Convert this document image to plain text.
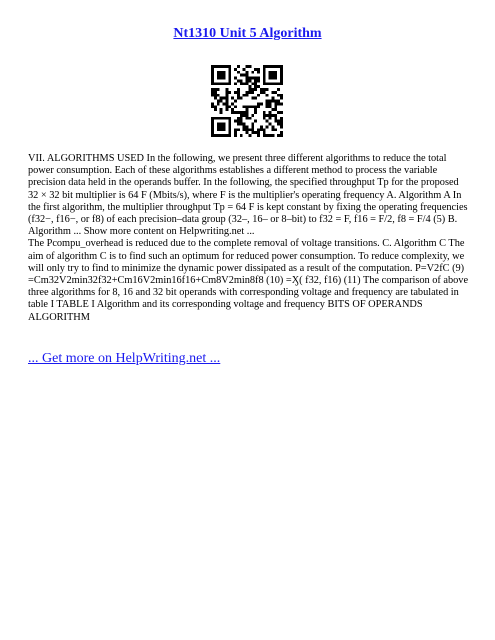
Nt1310 Unit 5 Algorithm

VII. ALGORITHMS USED In the following, we present three different algorithms to reduce the total power consumption. Each of these algorithms establishes a different method to process the variable precision data held in the operands buffer. In the following, the specified throughput Tp for the proposed 32 × 32 bit multiplier is 64 F (Mbits/s), where F is the multiplier's operating frequency A. Algorithm A In the first algorithm, the multiplier throughput Tp = 64 F is kept constant by fixing the operating frequencies (f32−, f16−, or f8) of each precision–data group (32–, 16– or 8–bit) to f32 = F, f16 = F/2, f8 = F/4 (5) B. Algorithm ... Show more content on Helpwriting.net ...

The Pcompu_overhead is reduced due to the complete removal of voltage transitions. C. Algorithm C The aim of algorithm C is to find such an optimum for reduced power consumption. To reduce complexity, we will only try to find to minimize the dynamic power dissipated as a result of the computation. P=V2fC (9) =Cm32V2min32f32+Cm16V2min16f16+Cm8V2min8f8 (10) =Ӽ( f32, f16) (11) The comparison of above three algorithms for 8, 16 and 32 bit operands with corresponding voltage and frequency are tabulated in table I TABLE I Algorithm and its corresponding voltage and frequency BITS OF OPERANDS ALGORITHM

... Get more on HelpWriting.net ...
